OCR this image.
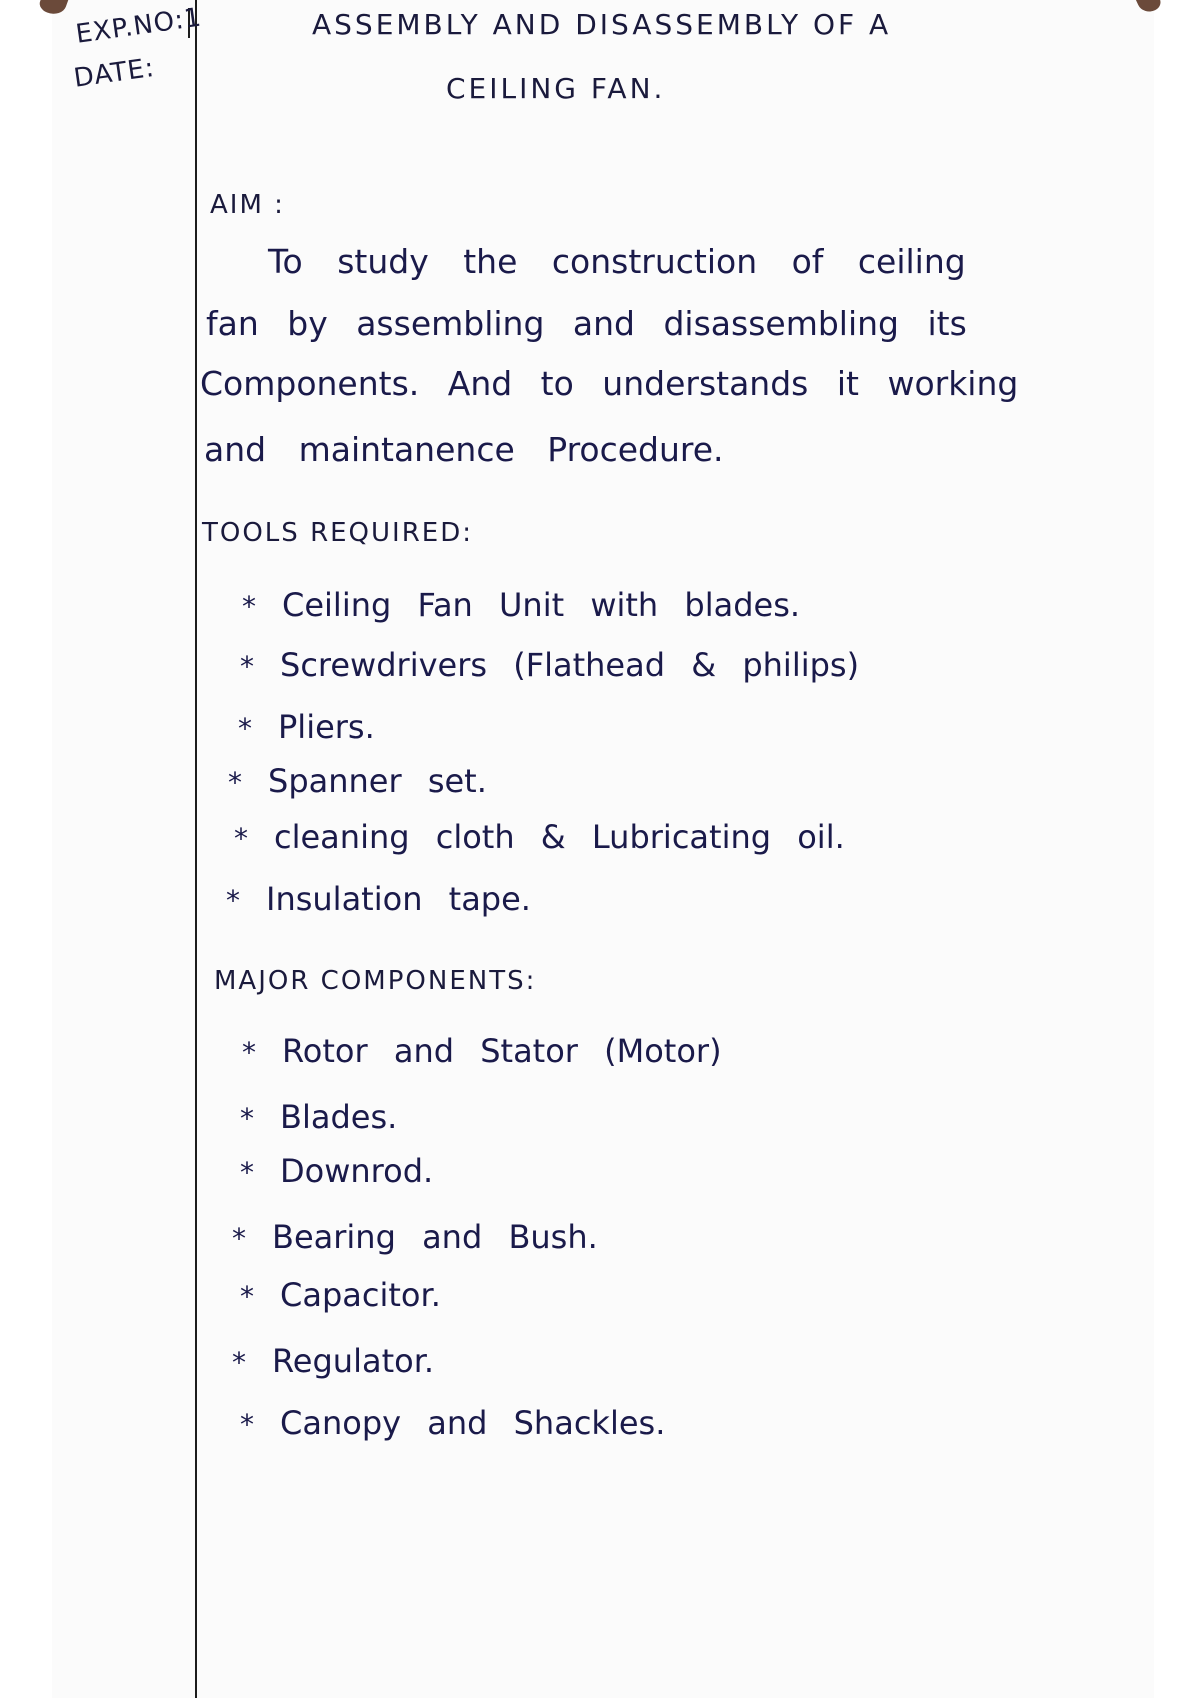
EXP.NO:1

DATE:

ASSEMBLY AND DISASSEMBLY OF A

CEILING FAN.

AIM :

To study the construction of ceiling

fan by assembling and disassembling its

Components. And to understands it working

and maintanence Procedure.

TOOLS REQUIRED:

* Ceiling Fan Unit with blades.
* Screwdrivers (Flathead & philips)
* Pliers.
* Spanner set.
* cleaning cloth & Lubricating oil.
* Insulation tape.

MAJOR COMPONENTS:

* Rotor and Stator (Motor)
* Blades.
* Downrod.
* Bearing and Bush.
* Capacitor.
* Regulator.
* Canopy and Shackles.
